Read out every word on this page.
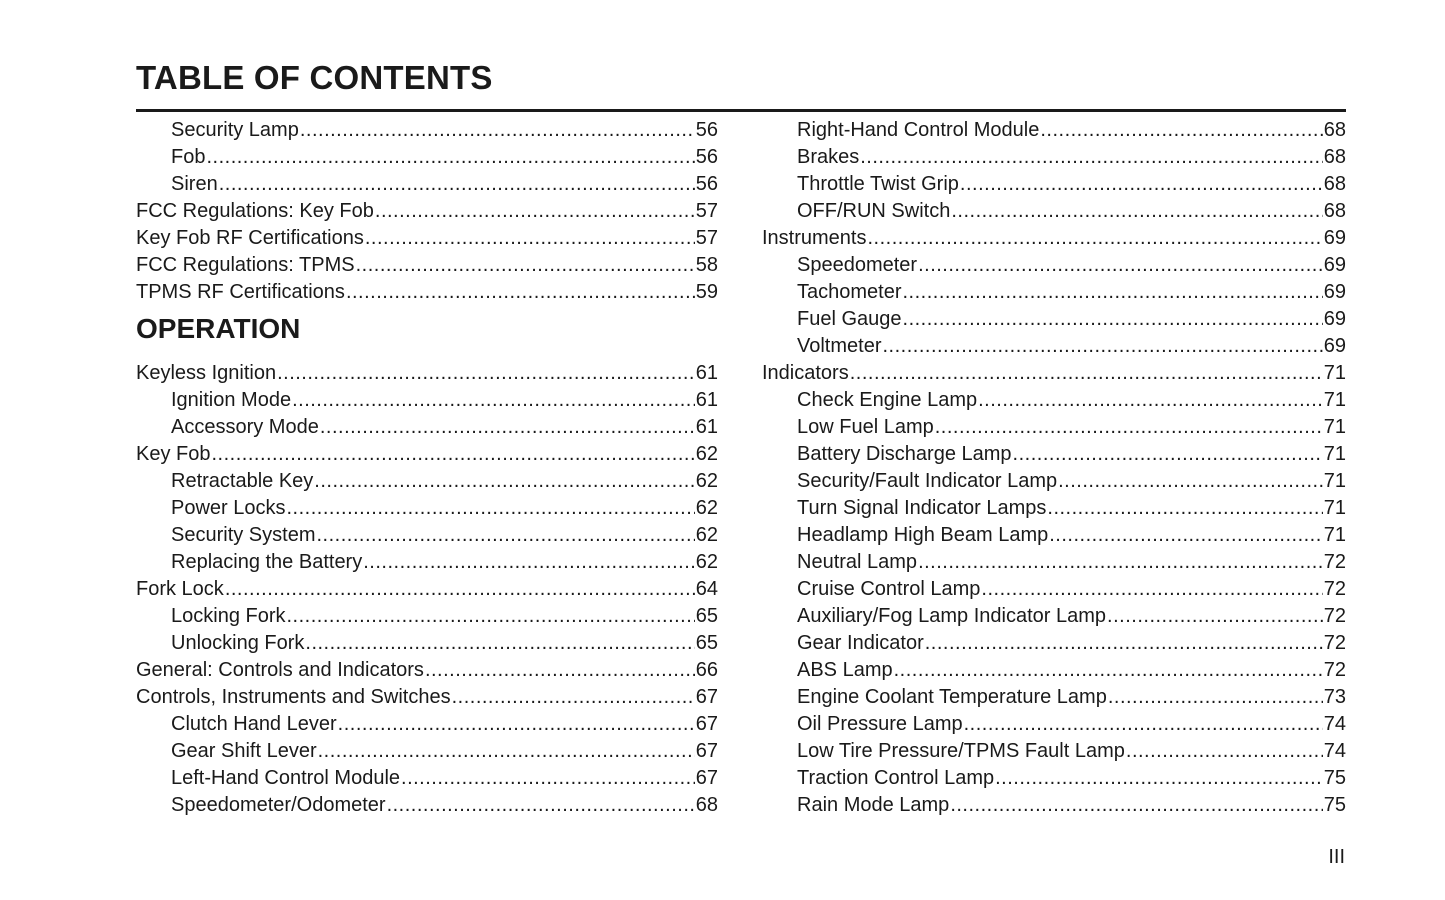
TABLE OF CONTENTS
Security Lamp .....	56
Fob .....	56
Siren .....	56
FCC Regulations: Key Fob .....	57
Key Fob RF Certifications .....	57
FCC Regulations: TPMS .....	58
TPMS RF Certifications .....	59
OPERATION
Keyless Ignition .....	61
Ignition Mode .....	61
Accessory Mode .....	61
Key Fob .....	62
Retractable Key .....	62
Power Locks .....	62
Security System .....	62
Replacing the Battery .....	62
Fork Lock .....	64
Locking Fork .....	65
Unlocking Fork .....	65
General: Controls and Indicators .....	66
Controls, Instruments and Switches .....	67
Clutch Hand Lever .....	67
Gear Shift Lever .....	67
Left-Hand Control Module .....	67
Speedometer/Odometer .....	68
Right-Hand Control Module .....	68
Brakes .....	68
Throttle Twist Grip .....	68
OFF/RUN Switch .....	68
Instruments .....	69
Speedometer .....	69
Tachometer .....	69
Fuel Gauge .....	69
Voltmeter .....	69
Indicators .....	71
Check Engine Lamp .....	71
Low Fuel Lamp .....	71
Battery Discharge Lamp .....	71
Security/Fault Indicator Lamp .....	71
Turn Signal Indicator Lamps .....	71
Headlamp High Beam Lamp .....	71
Neutral Lamp .....	72
Cruise Control Lamp .....	72
Auxiliary/Fog Lamp Indicator Lamp .....	72
Gear Indicator .....	72
ABS Lamp .....	72
Engine Coolant Temperature Lamp .....	73
Oil Pressure Lamp .....	74
Low Tire Pressure/TPMS Fault Lamp .....	74
Traction Control Lamp .....	75
Rain Mode Lamp .....	75
III
